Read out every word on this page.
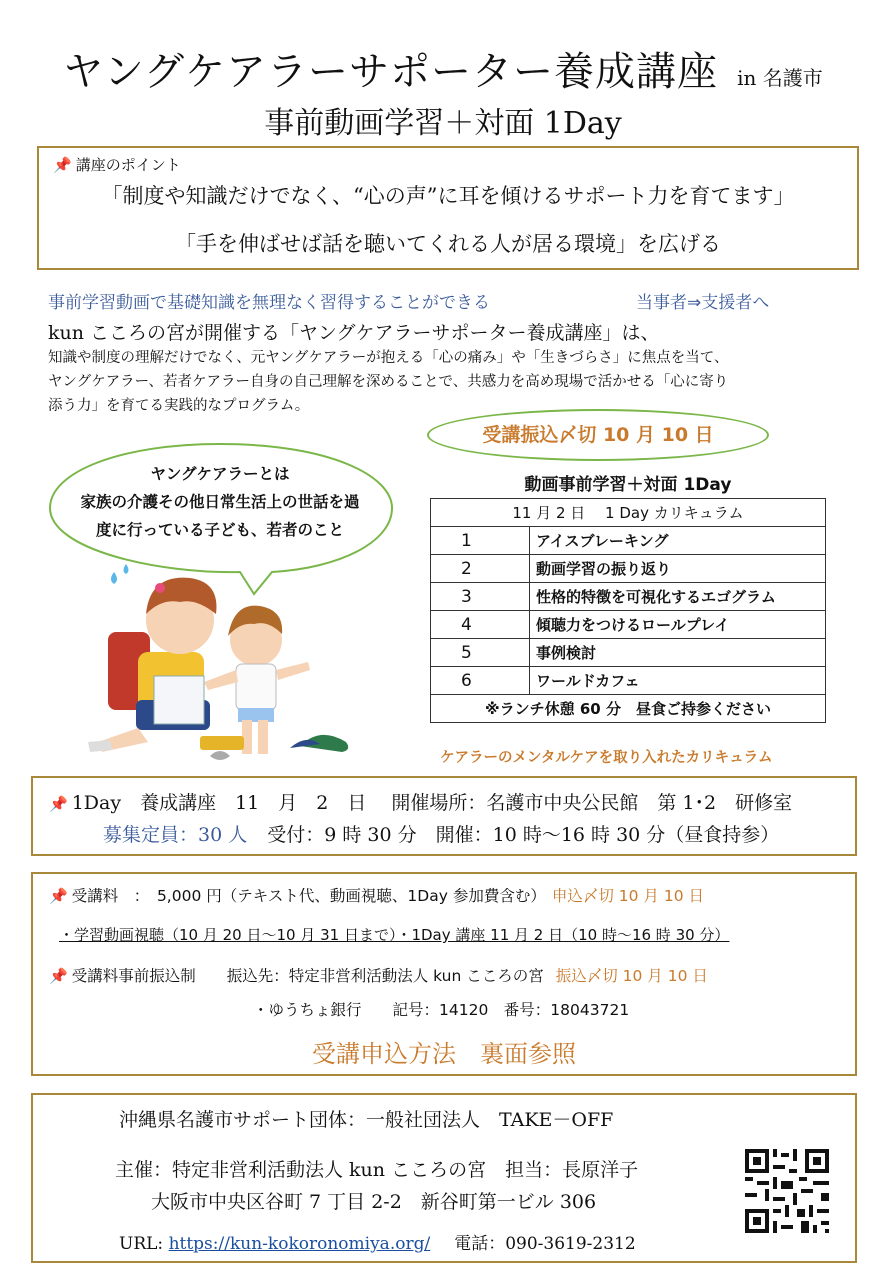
ヤングケアラーサポーター養成講座 in 名護市
事前動画学習＋対面 1Day
📌 講座のポイント
「制度や知識だけでなく、“心の声”に耳を傾けるサポート力を育てます」
「手を伸ばせば話を聴いてくれる人が居る環境」を広げる
事前学習動画で基礎知識を無理なく習得することができる	当事者⇒支援者へ
kun こころの宮が開催する「ヤングケアラーサポーター養成講座」は、
知識や制度の理解だけでなく、元ヤングケアラーが抱える「心の痛み」や「生きづらさ」に焦点を当て、
ヤングケアラー、若者ケアラー自身の自己理解を深めることで、共感力を高め現場で活かせる「心に寄り
添う力」を育てる実践的なプログラム。
ヤングケアラーとは
家族の介護その他日常生活上の世話を過
度に行っている子ども、若者のこと
受講振込〆切 10 月 10 日
動画事前学習＋対面 1Day
11 月 2 日　 1 Day カリキュラム	
1	アイスブレーキング
2	動画学習の振り返り
3	性格的特徴を可視化するエゴグラム
4	傾聴力をつけるロールプレイ
5	事例検討
6	ワールドカフェ
※ランチ休憩 60 分　昼食ご持参ください	
ケアラーのメンタルケアを取り入れたカリキュラム
📌 1Day　養成講座　11　月　2　日　 開催場所：名護市中央公民館　第 1･2　研修室
募集定員：30 人 受付：9 時 30 分　開催：10 時～16 時 30 分（昼食持参）
📌 受講料　：　5,000 円（テキスト代、動画視聴、1Day 参加費含む） 申込〆切 10 月 10 日
・学習動画視聴（10 月 20 日～10 月 31 日まで）・1Day 講座 11 月 2 日（10 時～16 時 30 分）
📌 受講料事前振込制　　振込先：特定非営利活動法人 kun こころの宮 振込〆切 10 月 10 日
・ゆうちょ銀行　　記号：14120　番号：18043721
受講申込方法　裏面参照
沖縄県名護市サポート団体：一般社団法人　TAKE－OFF
主催：特定非営利活動法人 kun こころの宮　担当：長原洋子
大阪市中央区谷町 7 丁目 2-2　新谷町第一ビル 306
URL: https://kun-kokoronomiya.org/ 電話：090-3619-2312
